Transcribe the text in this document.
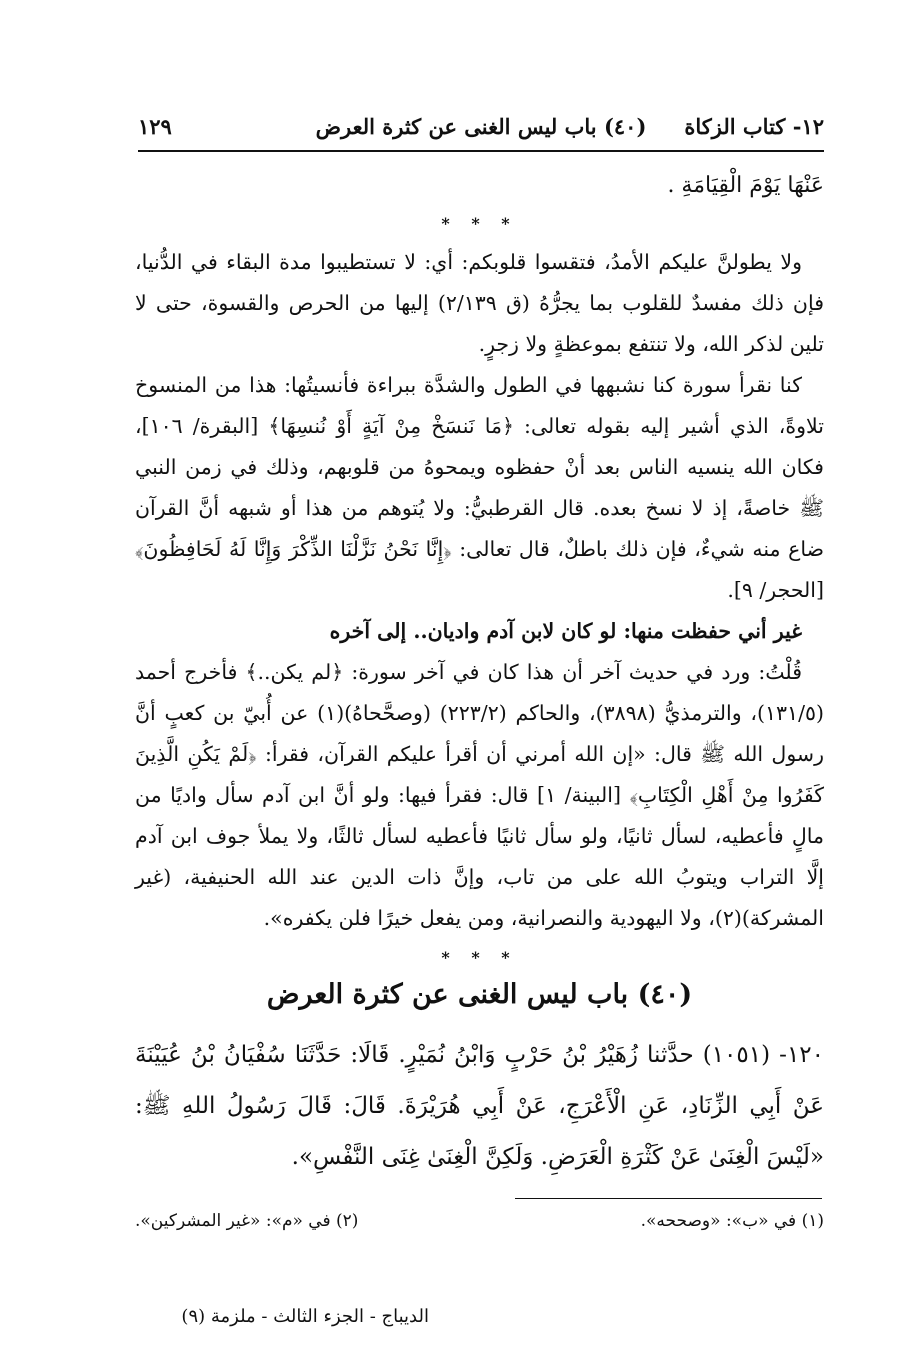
١٢- كتاب الزكاة
(٤٠) باب ليس الغنى عن كثرة العرض
١٢٩

عَنْهَا يَوْمَ الْقِيَامَةِ .

* * *

ولا يطولنَّ عليكم الأمدُ، فتقسوا قلوبكم: أي: لا تستطيبوا مدة البقاء في الدُّنيا، فإن ذلك مفسدٌ للقلوب بما يجرُّهُ (ق ٢/١٣٩) إليها من الحرص والقسوة، حتى لا تلين لذكر الله، ولا تنتفع بموعظةٍ ولا زجرٍ.

كنا نقرأ سورة كنا نشبهها في الطول والشدَّة ببراءة فأنسيتُها: هذا من المنسوخ تلاوةً، الذي أشير إليه بقوله تعالى: ﴿مَا نَنسَخْ مِنْ آيَةٍ أَوْ نُنسِهَا﴾ [البقرة/ ١٠٦]، فكان الله ينسيه الناس بعد أنْ حفظوه ويمحوهُ من قلوبهم، وذلك في زمن النبي ﷺ خاصةً، إذ لا نسخ بعده. قال القرطبيُّ: ولا يُتوهم من هذا أو شبهه أنَّ القرآن ضاع منه شيءٌ، فإن ذلك باطلٌ، قال تعالى: ﴿إِنَّا نَحْنُ نَزَّلْنَا الذِّكْرَ وَإِنَّا لَهُ لَحَافِظُونَ﴾ [الحجر/ ٩].

غير أني حفظت منها: لو كان لابن آدم واديان.. إلى آخره

قُلْتُ: ورد في حديث آخر أن هذا كان في آخر سورة: ﴿لم يكن..﴾ فأخرج أحمد (١٣١/٥)، والترمذيُّ (٣٨٩٨)، والحاكم (٢٢٣/٢) (وصحَّحاهُ)(١) عن أُبيّ بن كعبٍ أنَّ رسول الله ﷺ قال: «إن الله أمرني أن أقرأ عليكم القرآن، فقرأ: ﴿لَمْ يَكُنِ الَّذِينَ كَفَرُوا مِنْ أَهْلِ الْكِتَابِ﴾ [البينة/ ١] قال: فقرأ فيها: ولو أنَّ ابن آدم سأل واديًا من مالٍ فأعطيه، لسأل ثانيًا، ولو سأل ثانيًا فأعطيه لسأل ثالثًا، ولا يملأ جوف ابن آدم إلَّا التراب ويتوبُ الله على من تاب، وإنَّ ذات الدين عند الله الحنيفية، (غير المشركة)(٢)، ولا اليهودية والنصرانية، ومن يفعل خيرًا فلن يكفره».

* * *
(٤٠) باب ليس الغنى عن كثرة العرض

١٢٠- (١٠٥١) حدَّثنا زُهَيْرُ بْنُ حَرْبٍ وَابْنُ نُمَيْرٍ. قَالَا: حَدَّثَنَا سُفْيَانُ بْنُ عُيَيْنَةَ عَنْ أَبِي الزِّنَادِ، عَنِ الْأَعْرَجِ، عَنْ أَبِي هُرَيْرَةَ. قَالَ: قَالَ رَسُولُ اللهِ ﷺ: «لَيْسَ الْغِنَىٰ عَنْ كَثْرَةِ الْعَرَضِ. وَلَكِنَّ الْغِنَىٰ غِنَى النَّفْسِ».

(١) في «ب»: «وصححه».
(٢) في «م»: «غير المشركين».
الديباج - الجزء الثالث - ملزمة (٩)
